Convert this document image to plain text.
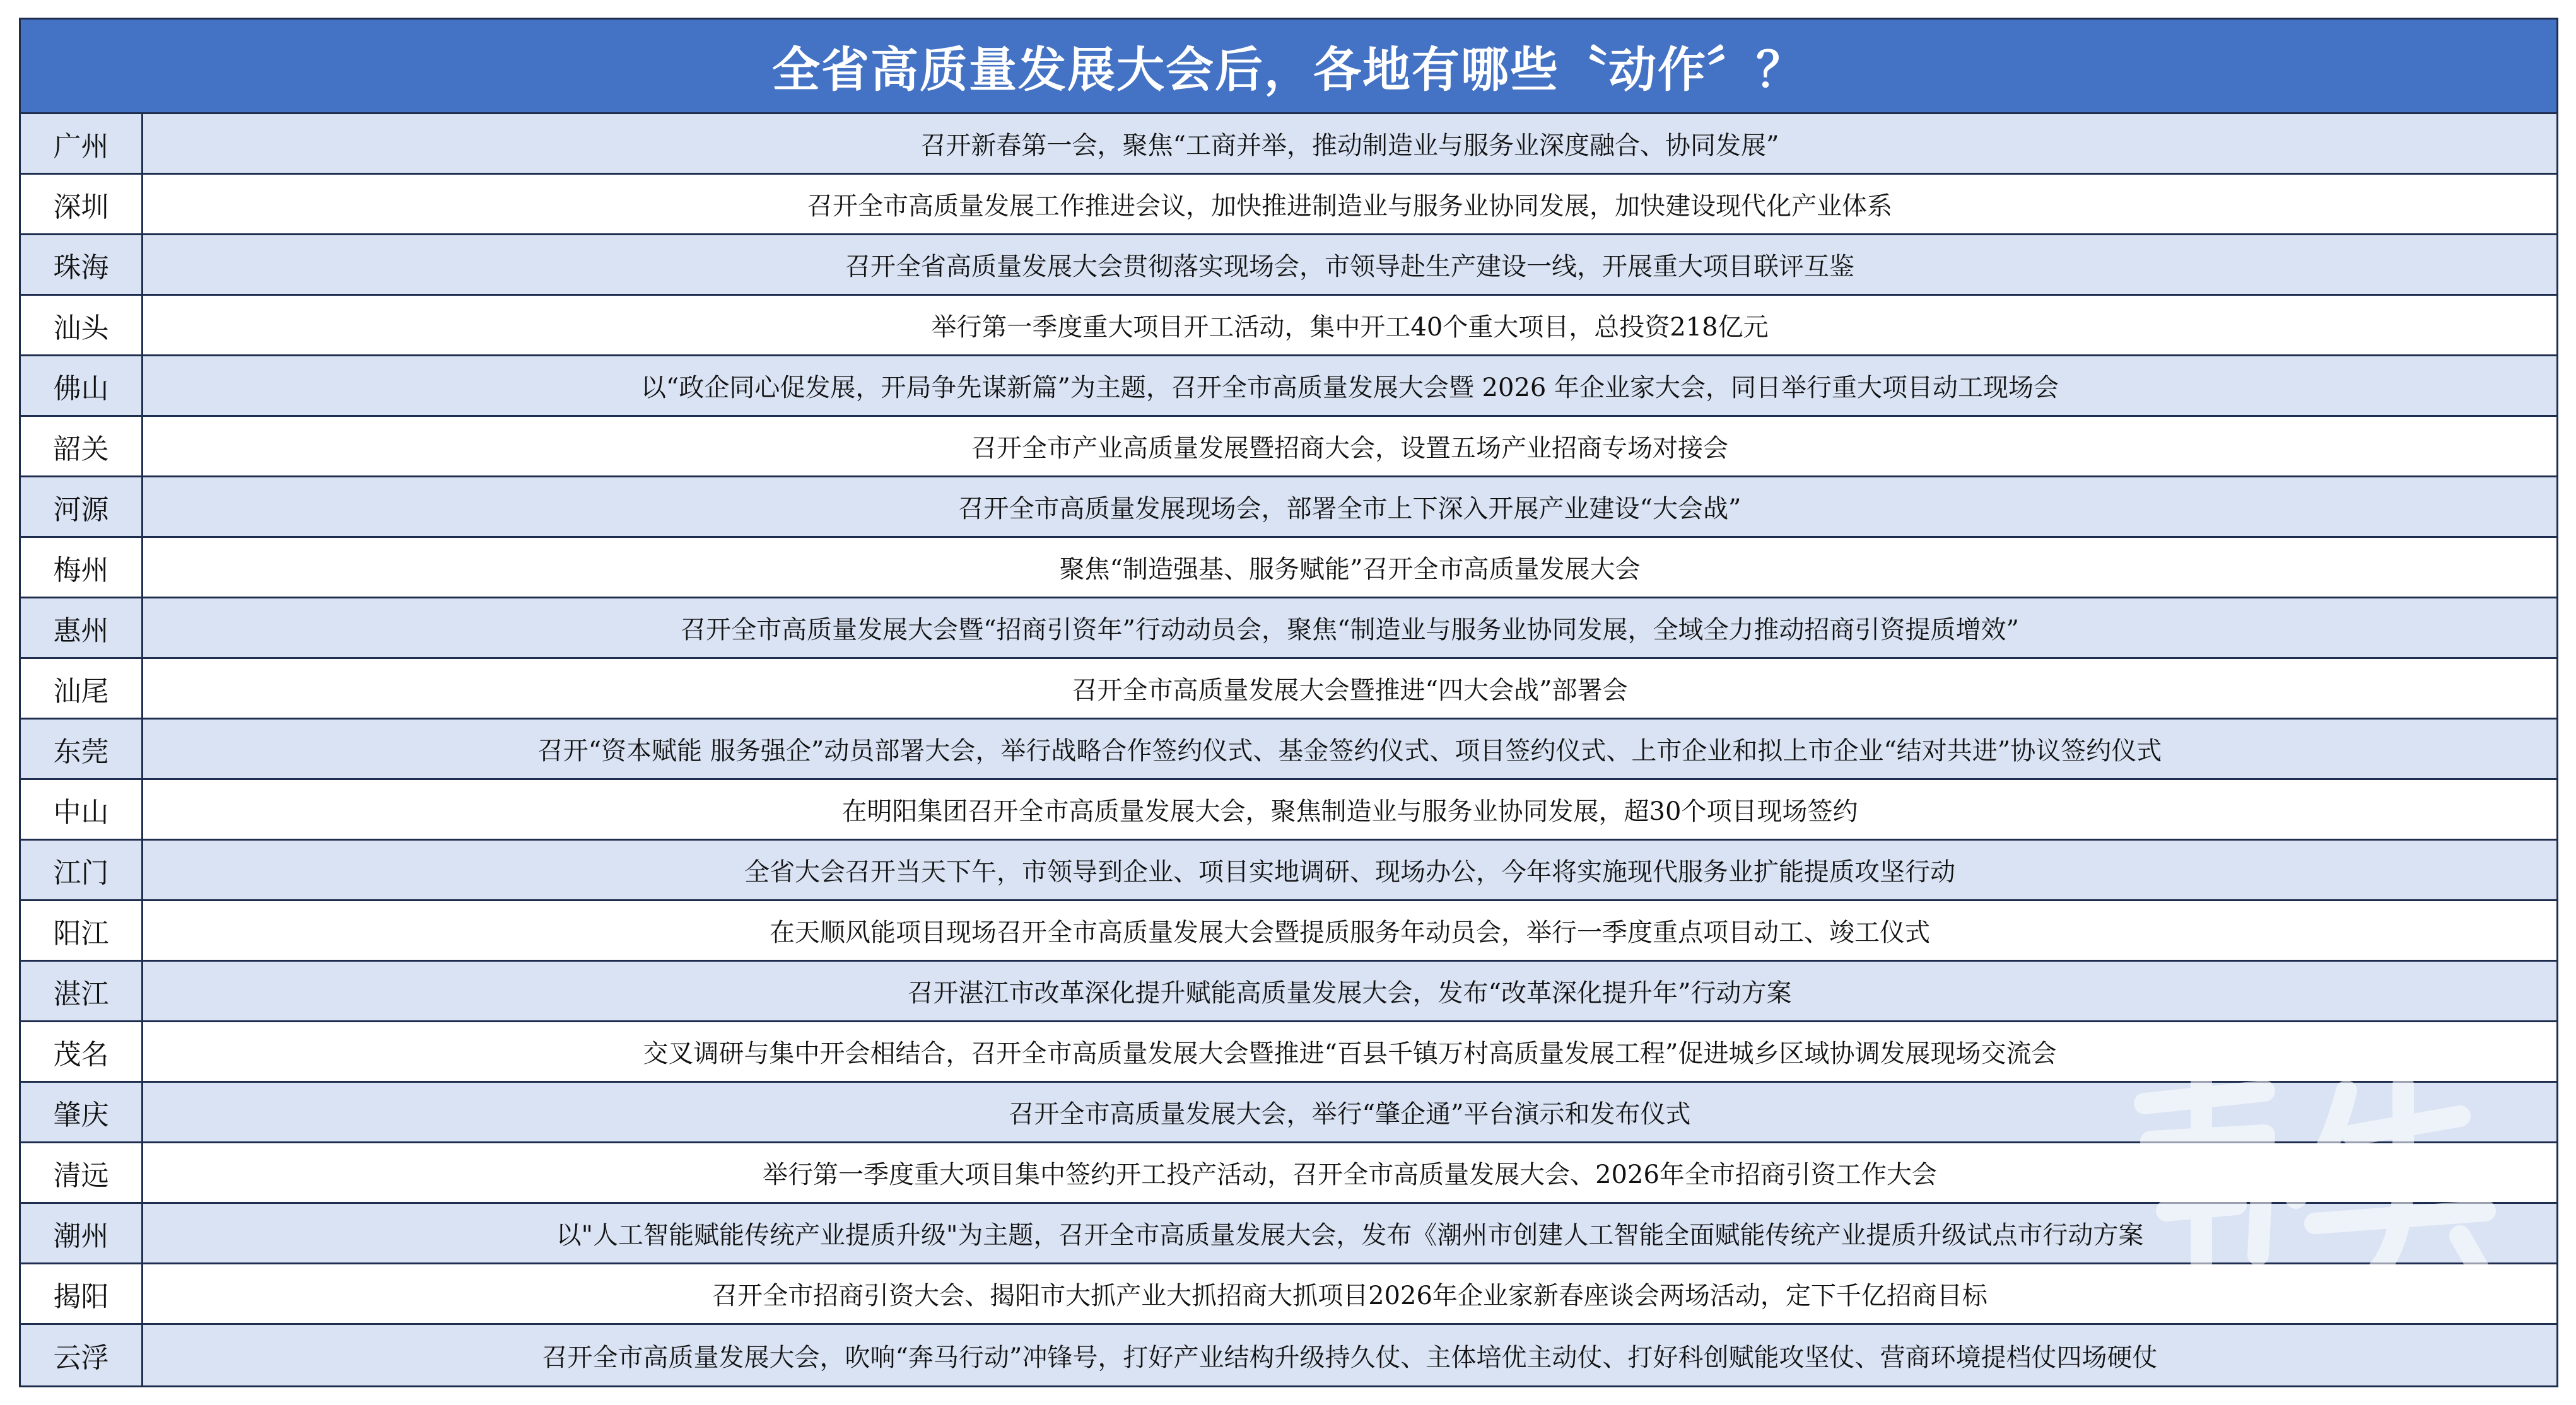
全省高质量发展大会后，各地有哪些〝动作〞？
广州	召开新春第一会，聚焦“工商并举，推动制造业与服务业深度融合、协同发展”
深圳	召开全市高质量发展工作推进会议，加快推进制造业与服务业协同发展，加快建设现代化产业体系
珠海	召开全省高质量发展大会贯彻落实现场会，市领导赴生产建设一线，开展重大项目联评互鉴
汕头	举行第一季度重大项目开工活动，集中开工40个重大项目，总投资218亿元
佛山	以“政企同心促发展，开局争先谋新篇”为主题，召开全市高质量发展大会暨 2026 年企业家大会，同日举行重大项目动工现场会
韶关	召开全市产业高质量发展暨招商大会，设置五场产业招商专场对接会
河源	召开全市高质量发展现场会，部署全市上下深入开展产业建设“大会战”
梅州	聚焦“制造强基、服务赋能”召开全市高质量发展大会
惠州	召开全市高质量发展大会暨“招商引资年”行动动员会，聚焦“制造业与服务业协同发展，全域全力推动招商引资提质增效”
汕尾	召开全市高质量发展大会暨推进“四大会战”部署会
东莞	召开“资本赋能 服务强企”动员部署大会，举行战略合作签约仪式、基金签约仪式、项目签约仪式、上市企业和拟上市企业“结对共进”协议签约仪式
中山	在明阳集团召开全市高质量发展大会，聚焦制造业与服务业协同发展，超30个项目现场签约
江门	全省大会召开当天下午，市领导到企业、项目实地调研、现场办公，今年将实施现代服务业扩能提质攻坚行动
阳江	在天顺风能项目现场召开全市高质量发展大会暨提质服务年动员会，举行一季度重点项目动工、竣工仪式
湛江	召开湛江市改革深化提升赋能高质量发展大会，发布“改革深化提升年”行动方案
茂名	交叉调研与集中开会相结合，召开全市高质量发展大会暨推进“百县千镇万村高质量发展工程”促进城乡区域协调发展现场交流会
肇庆	召开全市高质量发展大会，举行“肇企通”平台演示和发布仪式
清远	举行第一季度重大项目集中签约开工投产活动，召开全市高质量发展大会、2026年全市招商引资工作大会
潮州	以"人工智能赋能传统产业提质升级"为主题，召开全市高质量发展大会，发布《潮州市创建人工智能全面赋能传统产业提质升级试点市行动方案
揭阳	召开全市招商引资大会、揭阳市大抓产业大抓招商大抓项目2026年企业家新春座谈会两场活动，定下千亿招商目标
云浮	召开全市高质量发展大会，吹响“奔马行动”冲锋号，打好产业结构升级持久仗、主体培优主动仗、打好科创赋能攻坚仗、营商环境提档仗四场硬仗
